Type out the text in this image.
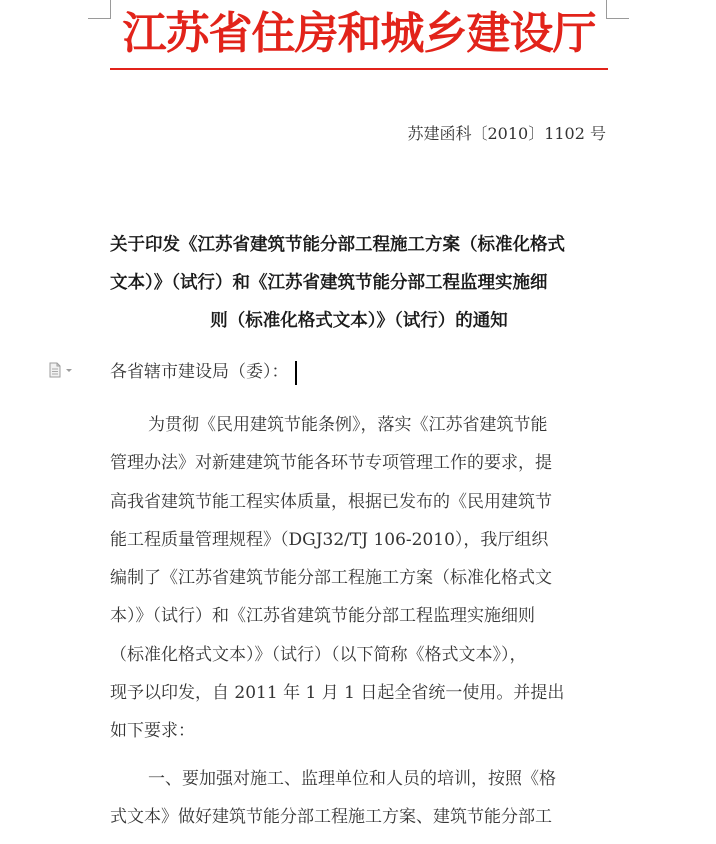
江苏省住房和城乡建设厅
苏建函科〔2010〕1102 号
关于印发《江苏省建筑节能分部工程施工方案（标准化格式
文本）》（试行）和《江苏省建筑节能分部工程监理实施细
则（标准化格式文本）》（试行）的通知
各省辖市建设局（委）：
为贯彻《民用建筑节能条例》，落实《江苏省建筑节能
管理办法》对新建建筑节能各环节专项管理工作的要求，提
高我省建筑节能工程实体质量，根据已发布的《民用建筑节
能工程质量管理规程》（DGJ32/TJ 106-2010），我厅组织
编制了《江苏省建筑节能分部工程施工方案（标准化格式文
本）》（试行）和《江苏省建筑节能分部工程监理实施细则
（标准化格式文本）》（试行）（以下简称《格式文本》），
现予以印发，自 2011 年 1 月 1 日起全省统一使用。并提出
如下要求：
一、要加强对施工、监理单位和人员的培训，按照《格
式文本》做好建筑节能分部工程施工方案、建筑节能分部工
